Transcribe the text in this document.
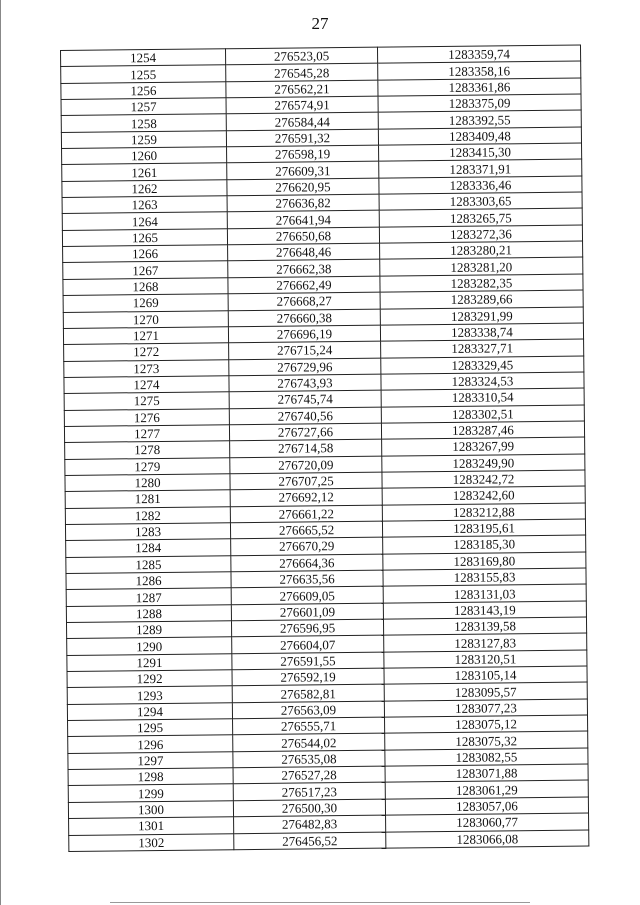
27
1254	276523,05	1283359,74
1255	276545,28	1283358,16
1256	276562,21	1283361,86
1257	276574,91	1283375,09
1258	276584,44	1283392,55
1259	276591,32	1283409,48
1260	276598,19	1283415,30
1261	276609,31	1283371,91
1262	276620,95	1283336,46
1263	276636,82	1283303,65
1264	276641,94	1283265,75
1265	276650,68	1283272,36
1266	276648,46	1283280,21
1267	276662,38	1283281,20
1268	276662,49	1283282,35
1269	276668,27	1283289,66
1270	276660,38	1283291,99
1271	276696,19	1283338,74
1272	276715,24	1283327,71
1273	276729,96	1283329,45
1274	276743,93	1283324,53
1275	276745,74	1283310,54
1276	276740,56	1283302,51
1277	276727,66	1283287,46
1278	276714,58	1283267,99
1279	276720,09	1283249,90
1280	276707,25	1283242,72
1281	276692,12	1283242,60
1282	276661,22	1283212,88
1283	276665,52	1283195,61
1284	276670,29	1283185,30
1285	276664,36	1283169,80
1286	276635,56	1283155,83
1287	276609,05	1283131,03
1288	276601,09	1283143,19
1289	276596,95	1283139,58
1290	276604,07	1283127,83
1291	276591,55	1283120,51
1292	276592,19	1283105,14
1293	276582,81	1283095,57
1294	276563,09	1283077,23
1295	276555,71	1283075,12
1296	276544,02	1283075,32
1297	276535,08	1283082,55
1298	276527,28	1283071,88
1299	276517,23	1283061,29
1300	276500,30	1283057,06
1301	276482,83	1283060,77
1302	276456,52	1283066,08
